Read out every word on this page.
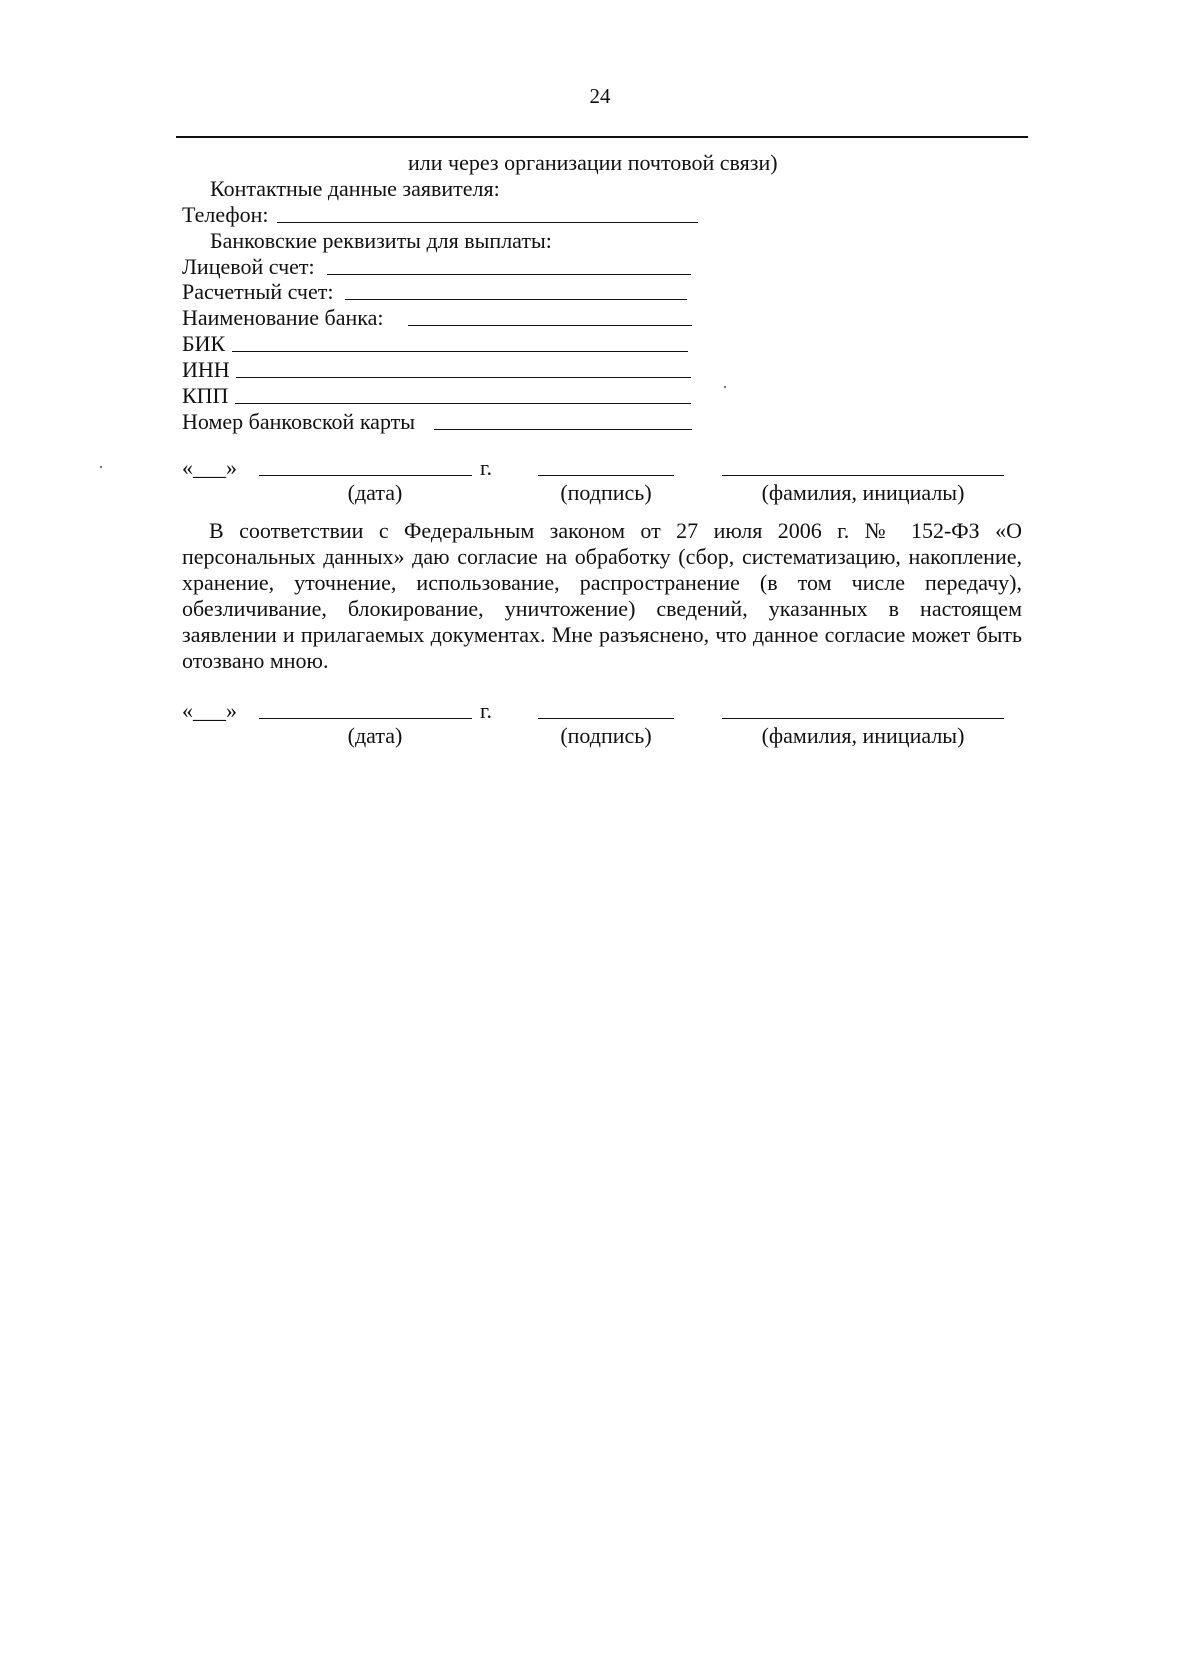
24
или через организации почтовой связи)
Контактные данные заявителя:
Телефон:
Банковские реквизиты для выплаты:
Лицевой счет:
Расчетный счет:
Наименование банка:
БИК
ИНН
КПП
Номер банковской карты
«___»	г.
(дата)	(подпись)	(фамилия, инициалы)
В соответствии с Федеральным законом от 27 июля 2006 г. № 152-ФЗ «О персональных данных» даю согласие на обработку (сбор, систематизацию, накопление, хранение, уточнение, использование, распространение (в том числе передачу), обезличивание, блокирование, уничтожение) сведений, указанных в настоящем заявлении и прилагаемых документах. Мне разъяснено, что данное согласие может быть отозвано мною.
«___»	г.
(дата)	(подпись)	(фамилия, инициалы)
